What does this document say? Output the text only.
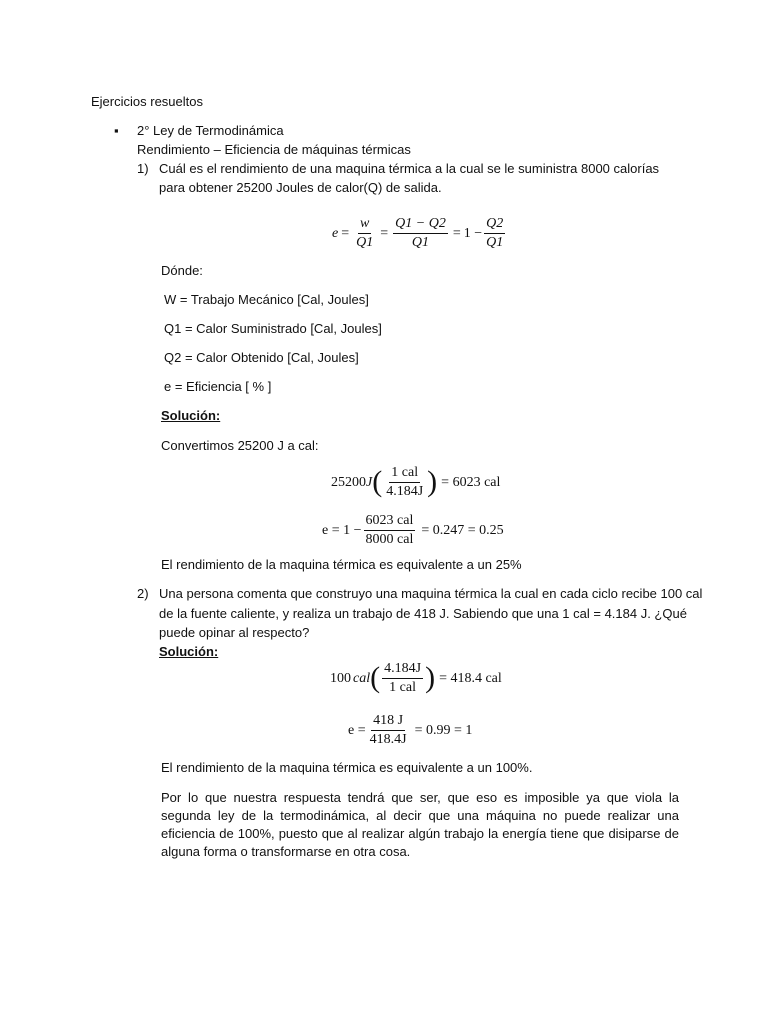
Ejercicios resueltos
▪ 2° Ley de Termodinámica
Rendimiento – Eficiencia de máquinas térmicas
1) Cuál es el rendimiento de una maquina térmica a la cual se le suministra 8000 calorías
para obtener 25200 Joules de calor(Q) de salida.
$e = \frac{w}{Q1} = \frac{Q1 - Q2}{Q1} = 1 - \frac{Q2}{Q1}$
Dónde:
W = Trabajo Mecánico [Cal, Joules]
Q1 = Calor Suministrado [Cal, Joules]
Q2 = Calor Obtenido [Cal, Joules]
e = Eficiencia [ % ]
Solución:
Convertimos 25200 J a cal:
25200 J ( $\frac{\text{1 cal}}{4.184J}$ ) = 6023 cal
$e = 1 - \frac{\text{6023 cal}}{\text{8000 cal}} = 0.247 = 0.25$
El rendimiento de la maquina térmica es equivalente a un 25%
2) Una persona comenta que construyo una maquina térmica la cual en cada ciclo recibe 100 cal
de la fuente caliente, y realiza un trabajo de 418 J. Sabiendo que una 1 cal = 4.184 J. ¿Qué
puede opinar al respecto?
Solución:
100 cal ( $\frac{4.184J}{\text{1 cal}}$ ) = 418.4 cal
$e = \frac{418 J}{418.4J} = 0.99 = 1$
El rendimiento de la maquina térmica es equivalente a un 100%.
Por lo que nuestra respuesta tendrá que ser, que eso es imposible ya que viola la segunda ley de la termodinámica, al decir que una máquina no puede realizar una eficiencia de 100%, puesto que al realizar algún trabajo la energía tiene que disiparse de alguna forma o transformarse en otra cosa.
